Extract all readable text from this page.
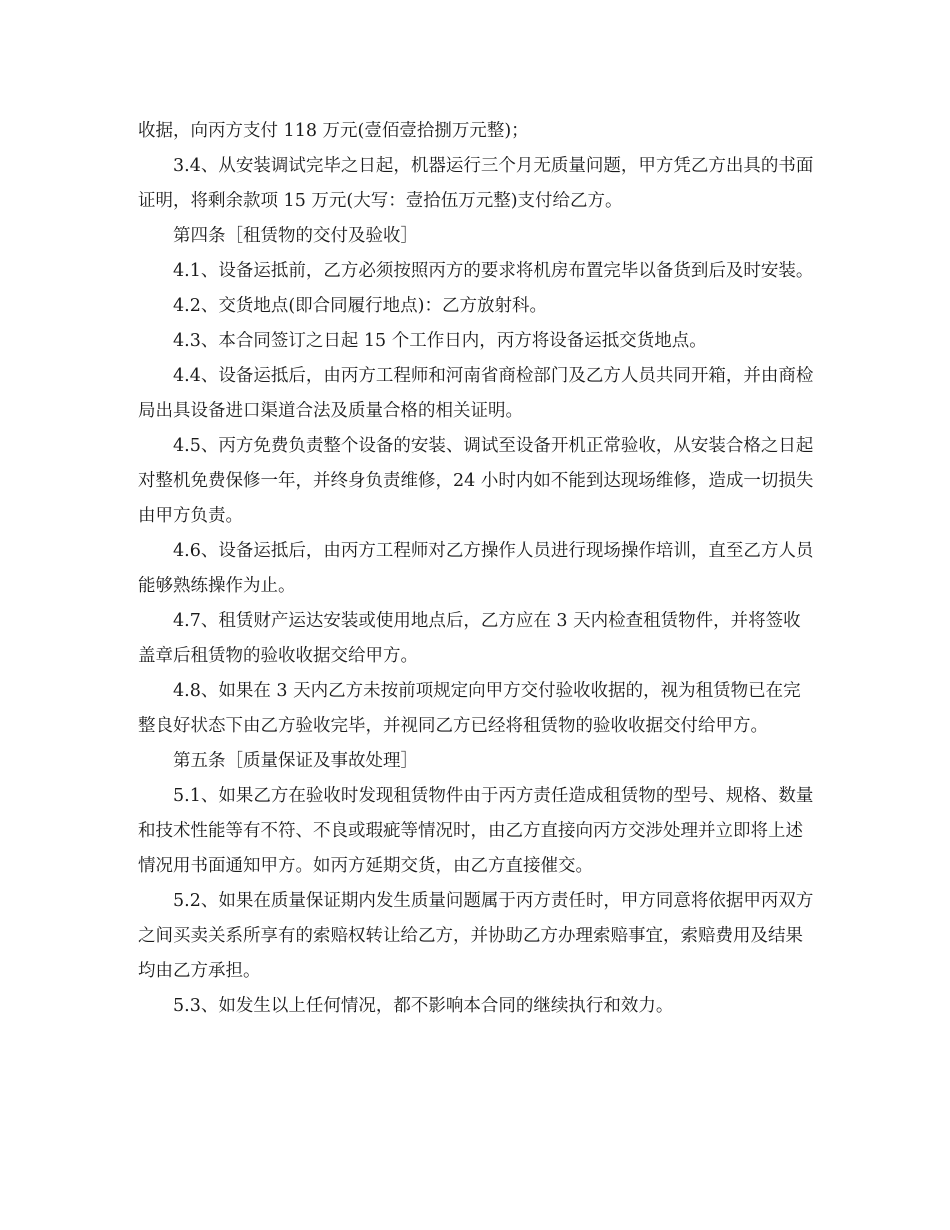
收据，向丙方支付 118 万元(壹佰壹拾捌万元整)；

3.4、从安装调试完毕之日起，机器运行三个月无质量问题，甲方凭乙方出具的书面证明，将剩余款项 15 万元(大写：壹拾伍万元整)支付给乙方。

第四条［租赁物的交付及验收］

4.1、设备运抵前，乙方必须按照丙方的要求将机房布置完毕以备货到后及时安装。

4.2、交货地点(即合同履行地点)：乙方放射科。

4.3、本合同签订之日起 15 个工作日内，丙方将设备运抵交货地点。

4.4、设备运抵后，由丙方工程师和河南省商检部门及乙方人员共同开箱，并由商检局出具设备进口渠道合法及质量合格的相关证明。

4.5、丙方免费负责整个设备的安装、调试至设备开机正常验收，从安装合格之日起对整机免费保修一年，并终身负责维修，24 小时内如不能到达现场维修，造成一切损失由甲方负责。

4.6、设备运抵后，由丙方工程师对乙方操作人员进行现场操作培训，直至乙方人员能够熟练操作为止。

4.7、租赁财产运达安装或使用地点后，乙方应在 3 天内检查租赁物件，并将签收盖章后租赁物的验收收据交给甲方。

4.8、如果在 3 天内乙方未按前项规定向甲方交付验收收据的，视为租赁物已在完整良好状态下由乙方验收完毕，并视同乙方已经将租赁物的验收收据交付给甲方。

第五条［质量保证及事故处理］

5.1、如果乙方在验收时发现租赁物件由于丙方责任造成租赁物的型号、规格、数量和技术性能等有不符、不良或瑕疵等情况时，由乙方直接向丙方交涉处理并立即将上述情况用书面通知甲方。如丙方延期交货，由乙方直接催交。

5.2、如果在质量保证期内发生质量问题属于丙方责任时，甲方同意将依据甲丙双方之间买卖关系所享有的索赔权转让给乙方，并协助乙方办理索赔事宜，索赔费用及结果均由乙方承担。

5.3、如发生以上任何情况，都不影响本合同的继续执行和效力。
